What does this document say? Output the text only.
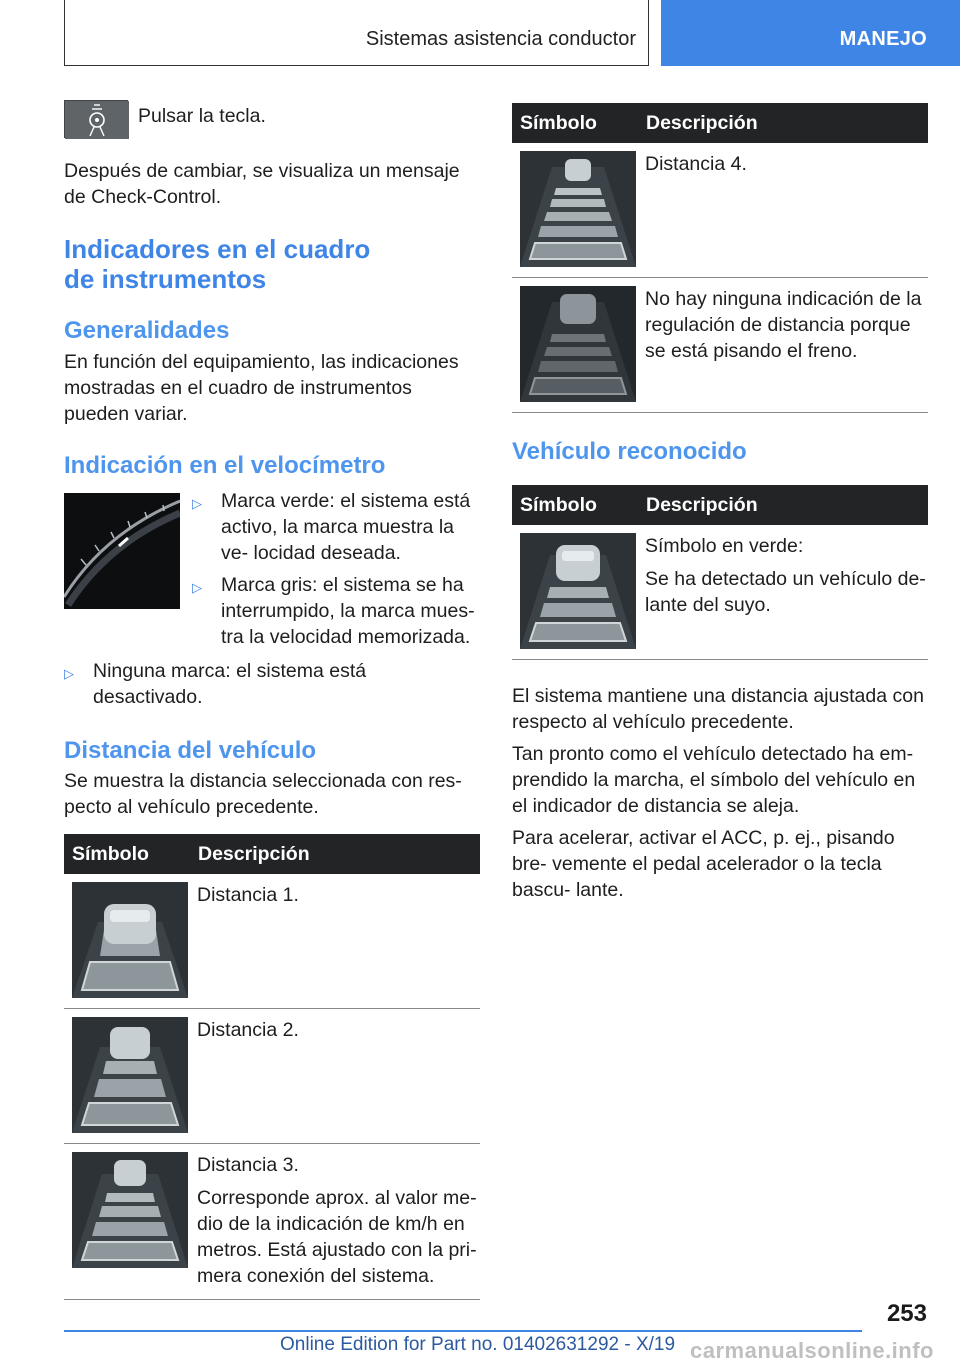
Sistemas asistencia conductor	MANEJO

Pulsar la tecla.

Después de cambiar, se visualiza un mensaje de Check-Control.

Indicadores en el cuadro
de instrumentos
Generalidades

En función del equipamiento, las indicaciones mostradas en el cuadro de instrumentos pueden variar.

Indicación en el velocímetro
▷ Marca verde: el sistema está activo, la marca muestra la ve‐ locidad deseada.
▷ Marca gris: el sistema se ha interrumpido, la marca mues‐ tra la velocidad memorizada.
▷ Ninguna marca: el sistema está desactivado.
Distancia del vehículo

Se muestra la distancia seleccionada con res‐ pecto al vehículo precedente.

Símbolo	Descripción

Distancia 1.

Distancia 2.

Distancia 3.
Corresponde aprox. al valor me‐ dio de la indicación de km/h en metros. Está ajustado con la pri‐ mera conexión del sistema.
Símbolo	Descripción

Distancia 4.

No hay ninguna indicación de la regulación de distancia porque se está pisando el freno.
Vehículo reconocido
Símbolo	Descripción

Símbolo en verde:
Se ha detectado un vehículo de‐ lante del suyo.

El sistema mantiene una distancia ajustada con respecto al vehículo precedente.

Tan pronto como el vehículo detectado ha em‐ prendido la marcha, el símbolo del vehículo en el indicador de distancia se aleja.

Para acelerar, activar el ACC, p. ej., pisando bre‐ vemente el pedal acelerador o la tecla bascu‐ lante.

253
Online Edition for Part no. 01402631292 - X/19 carmanualsonline.info
